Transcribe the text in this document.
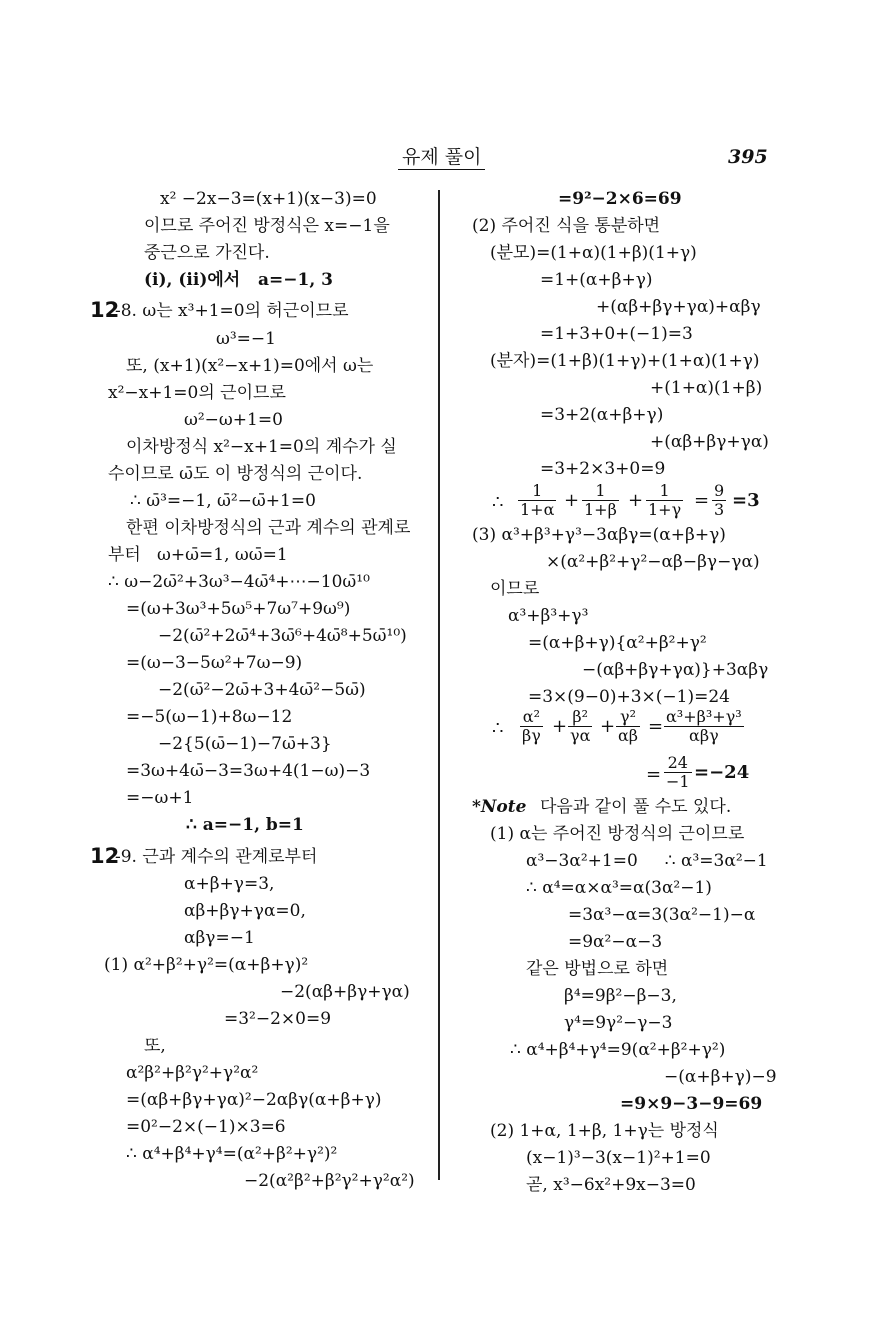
유제 풀이	395
x² −2x−3=(x+1)(x−3)=0
이므로 주어진 방정식은 x=−1을
중근으로 가진다.
(i), (ii)에서   a=−1, 3
12
-8. ω는 x³+1=0의 허근이므로
ω³=−1
또, (x+1)(x²−x+1)=0에서 ω는
x²−x+1=0의 근이므로
ω²−ω+1=0
이차방정식 x²−x+1=0의 계수가 실
수이므로 ω̄도 이 방정식의 근이다.
∴ ω̄³=−1, ω̄²−ω̄+1=0
한편 이차방정식의 근과 계수의 관계로
부터   ω+ω̄=1, ωω̄=1
∴ ω−2ω̄²+3ω³−4ω̄⁴+⋯−10ω̄¹⁰
=(ω+3ω³+5ω⁵+7ω⁷+9ω⁹)
−2(ω̄²+2ω̄⁴+3ω̄⁶+4ω̄⁸+5ω̄¹⁰)
=(ω−3−5ω²+7ω−9)
−2(ω̄²−2ω̄+3+4ω̄²−5ω̄)
=−5(ω−1)+8ω−12
−2{5(ω̄−1)−7ω̄+3}
=3ω+4ω̄−3=3ω+4(1−ω)−3
=−ω+1
∴ a=−1, b=1
12
-9. 근과 계수의 관계로부터
α+β+γ=3,
αβ+βγ+γα=0,
αβγ=−1
(1) α²+β²+γ²=(α+β+γ)²
−2(αβ+βγ+γα)
=3²−2×0=9
또,
α²β²+β²γ²+γ²α²
=(αβ+βγ+γα)²−2αβγ(α+β+γ)
=0²−2×(−1)×3=6
∴ α⁴+β⁴+γ⁴=(α²+β²+γ²)²
−2(α²β²+β²γ²+γ²α²)
=9²−2×6=69
(2) 주어진 식을 통분하면
(분모)=(1+α)(1+β)(1+γ)
=1+(α+β+γ)
+(αβ+βγ+γα)+αβγ
=1+3+0+(−1)=3
(분자)=(1+β)(1+γ)+(1+α)(1+γ)
+(1+α)(1+β)
=3+2(α+β+γ)
+(αβ+βγ+γα)
=3+2×3+0=9
∴
1
1+α + 1
1+β + 1
1+γ = 9
3 =3
(3) α³+β³+γ³−3αβγ=(α+β+γ)
×(α²+β²+γ²−αβ−βγ−γα)
이므로
α³+β³+γ³
=(α+β+γ){α²+β²+γ²
−(αβ+βγ+γα)}+3αβγ
=3×(9−0)+3×(−1)=24
∴
α²
βγ + β²
γα + γ²
αβ = α³+β³+γ³
αβγ
=
24
−1 =−24
*Note 다음과 같이 풀 수도 있다.
(1) α는 주어진 방정식의 근이므로
α³−3α²+1=0     ∴ α³=3α²−1
∴ α⁴=α×α³=α(3α²−1)
=3α³−α=3(3α²−1)−α
=9α²−α−3
같은 방법으로 하면
β⁴=9β²−β−3,
γ⁴=9γ²−γ−3
∴ α⁴+β⁴+γ⁴=9(α²+β²+γ²)
−(α+β+γ)−9
=9×9−3−9=69
(2) 1+α, 1+β, 1+γ는 방정식
(x−1)³−3(x−1)²+1=0
곧, x³−6x²+9x−3=0
